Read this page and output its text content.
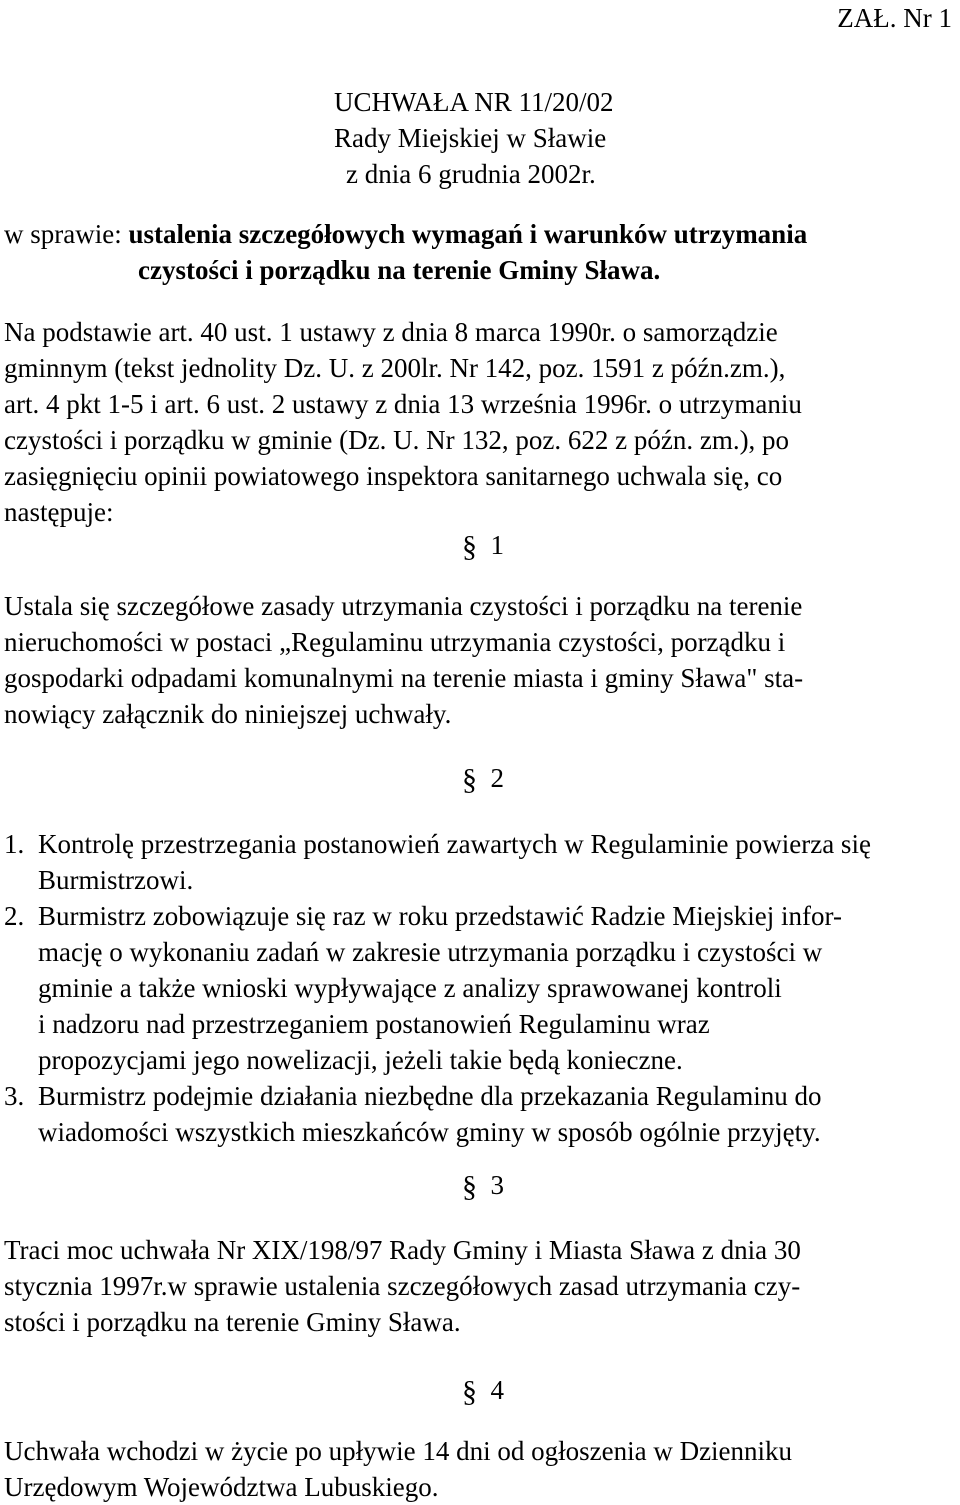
ZAŁ. Nr 1
UCHWAŁA NR 11/20/02
Rady Miejskiej w Sławie
z dnia 6 grudnia 2002r.
w sprawie: ustalenia szczegółowych wymagań i warunków utrzymania
czystości i porządku na terenie Gminy Sława.
Na podstawie art. 40 ust. 1 ustawy z dnia 8 marca 1990r. o samorządzie
gminnym (tekst jednolity Dz. U. z 200lr. Nr 142, poz. 1591 z późn.zm.),
art. 4 pkt 1-5 i art. 6 ust. 2 ustawy z dnia 13 września 1996r. o utrzymaniu
czystości i porządku w gminie (Dz. U. Nr 132, poz. 622 z późn. zm.), po
zasięgnięciu opinii powiatowego inspektora sanitarnego uchwala się, co
następuje:
§ 1
Ustala się szczegółowe zasady utrzymania czystości i porządku na terenie
nieruchomości w postaci „Regulaminu utrzymania czystości, porządku i
gospodarki odpadami komunalnymi na terenie miasta i gminy Sława" sta-
nowiący załącznik do niniejszej uchwały.
§ 2
1. Kontrolę przestrzegania postanowień zawartych w Regulaminie powierza się
Burmistrzowi.
2. Burmistrz zobowiązuje się raz w roku przedstawić Radzie Miejskiej infor-
mację o wykonaniu zadań w zakresie utrzymania porządku i czystości w
gminie a także wnioski wypływające z analizy sprawowanej kontroli
i nadzoru nad przestrzeganiem postanowień Regulaminu wraz
propozycjami jego nowelizacji, jeżeli takie będą konieczne.
3. Burmistrz podejmie działania niezbędne dla przekazania Regulaminu do
wiadomości wszystkich mieszkańców gminy w sposób ogólnie przyjęty.
§ 3
Traci moc uchwała Nr XIX/198/97 Rady Gminy i Miasta Sława z dnia 30
stycznia 1997r.w sprawie ustalenia szczegółowych zasad utrzymania czy-
stości i porządku na terenie Gminy Sława.
§ 4
Uchwała wchodzi w życie po upływie 14 dni od ogłoszenia w Dzienniku
Urzędowym Województwa Lubuskiego.
